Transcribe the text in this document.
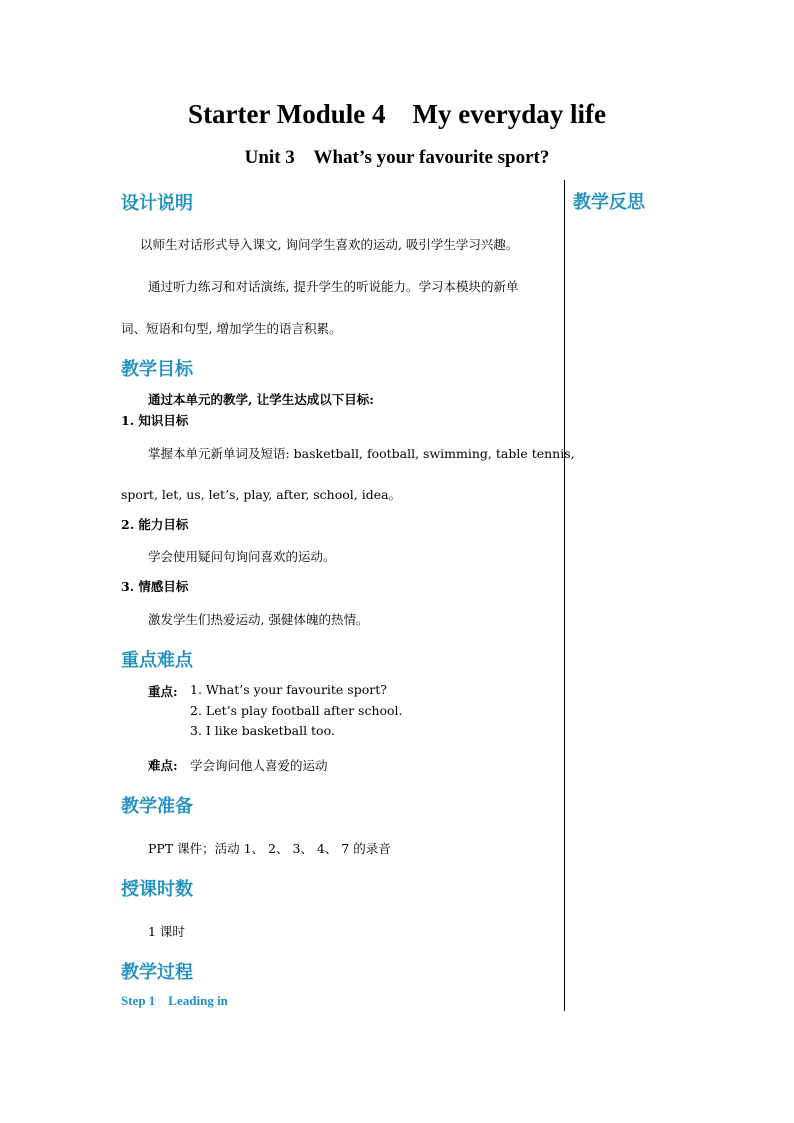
Starter Module 4    My everyday life
Unit 3    What’s your favourite sport?
教学反思
设计说明
以师生对话形式导入课文, 询问学生喜欢的运动, 吸引学生学习兴趣。
通过听力练习和对话演练, 提升学生的听说能力。学习本模块的新单
词、短语和句型, 增加学生的语言积累。
教学目标
通过本单元的教学, 让学生达成以下目标:
1. 知识目标
掌握本单元新单词及短语: basketball, football, swimming, table tennis,
sport, let, us, let’s, play, after, school, idea。
2. 能力目标
学会使用疑问句询问喜欢的运动。
3. 情感目标
激发学生们热爱运动, 强健体魄的热情。
重点难点
重点: 1. What’s your favourite sport?
2. Let’s play football after school.
3. I like basketball too.
难点: 学会询问他人喜爱的运动
教学准备
PPT 课件；活动 1、 2、 3、 4、 7 的录音
授课时数
1 课时
教学过程
Step 1    Leading in
